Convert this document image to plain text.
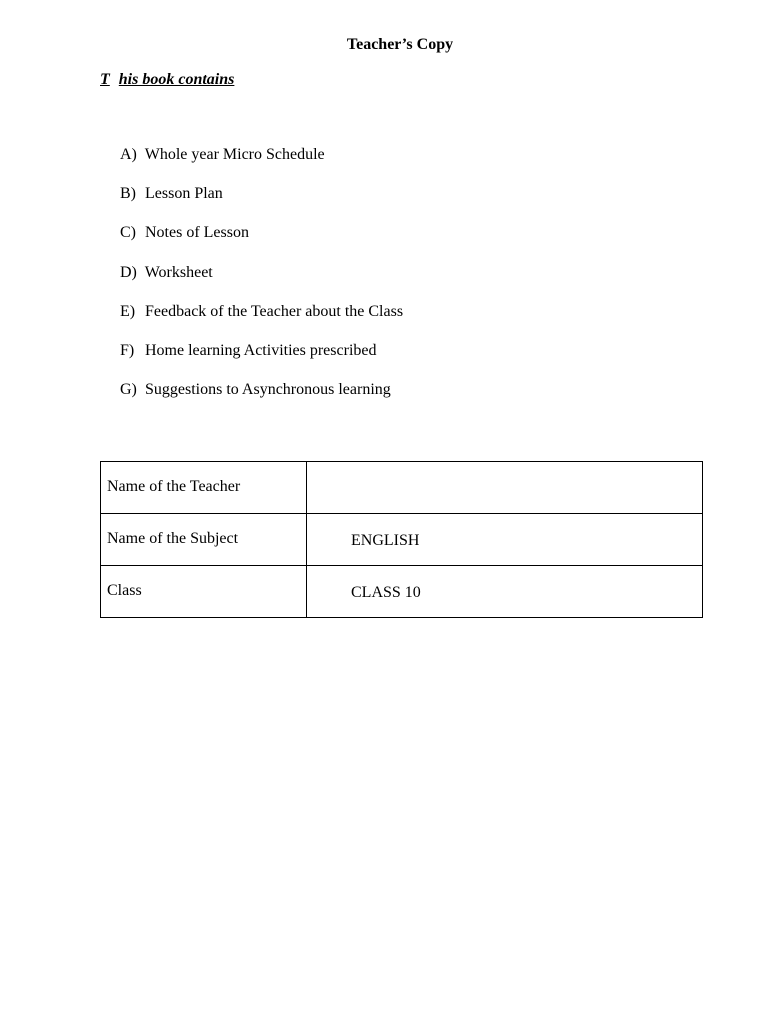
Teacher’s Copy
T his book contains
A) Whole year Micro Schedule
B) Lesson Plan
C) Notes of Lesson
D) Worksheet
E) Feedback of the Teacher about the Class
F) Home learning Activities prescribed
G) Suggestions to Asynchronous learning
Name of the Teacher	
Name of the Subject	ENGLISH
Class	CLASS 10
